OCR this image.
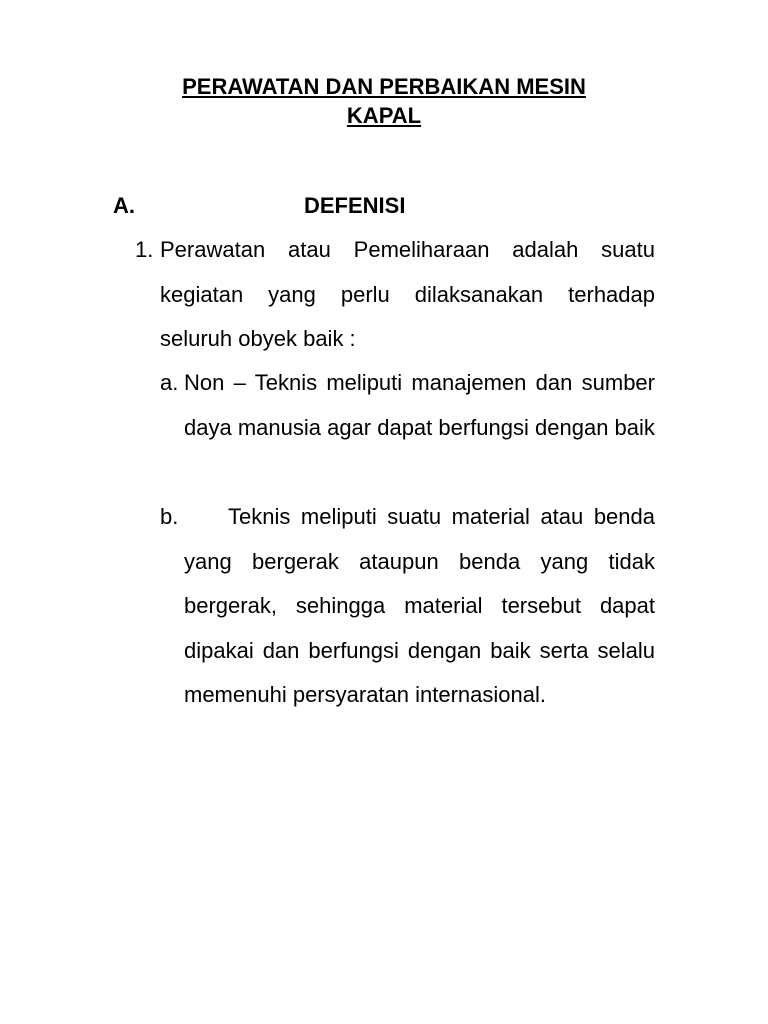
PERAWATAN DAN PERBAIKAN MESIN
KAPAL
A.	DEFENISI
1. Perawatan atau Pemeliharaan adalah suatu kegiatan yang perlu dilaksanakan terhadap seluruh obyek baik :
a. Non – Teknis meliputi manajemen dan sumber daya manusia agar dapat berfungsi dengan baik
b.	Teknis meliputi suatu material atau benda yang bergerak ataupun benda yang tidak bergerak, sehingga material tersebut dapat dipakai dan berfungsi dengan baik serta selalu memenuhi persyaratan internasional.
